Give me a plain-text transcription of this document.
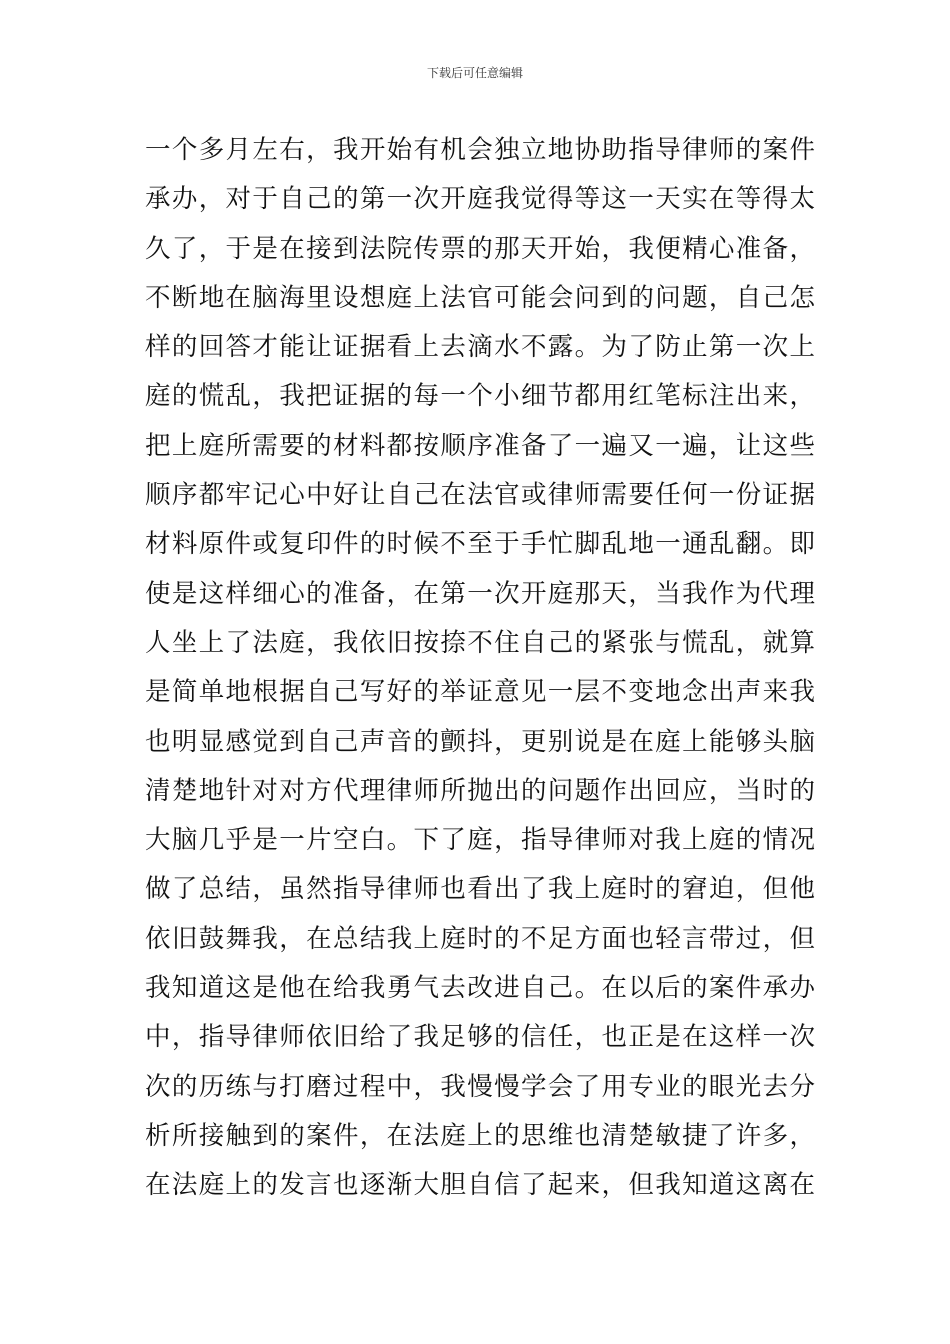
下载后可任意编辑
一个多月左右，我开始有机会独立地协助指导律师的案件
承办，对于自己的第一次开庭我觉得等这一天实在等得太
久了，于是在接到法院传票的那天开始，我便精心准备，
不断地在脑海里设想庭上法官可能会问到的问题，自己怎
样的回答才能让证据看上去滴水不露。为了防止第一次上
庭的慌乱，我把证据的每一个小细节都用红笔标注出来，
把上庭所需要的材料都按顺序准备了一遍又一遍，让这些
顺序都牢记心中好让自己在法官或律师需要任何一份证据
材料原件或复印件的时候不至于手忙脚乱地一通乱翻。即
使是这样细心的准备，在第一次开庭那天，当我作为代理
人坐上了法庭，我依旧按捺不住自己的紧张与慌乱，就算
是简单地根据自己写好的举证意见一层不变地念出声来我
也明显感觉到自己声音的颤抖，更别说是在庭上能够头脑
清楚地针对对方代理律师所抛出的问题作出回应，当时的
大脑几乎是一片空白。下了庭，指导律师对我上庭的情况
做了总结，虽然指导律师也看出了我上庭时的窘迫，但他
依旧鼓舞我，在总结我上庭时的不足方面也轻言带过，但
我知道这是他在给我勇气去改进自己。在以后的案件承办
中，指导律师依旧给了我足够的信任，也正是在这样一次
次的历练与打磨过程中，我慢慢学会了用专业的眼光去分
析所接触到的案件，在法庭上的思维也清楚敏捷了许多，
在法庭上的发言也逐渐大胆自信了起来，但我知道这离在
